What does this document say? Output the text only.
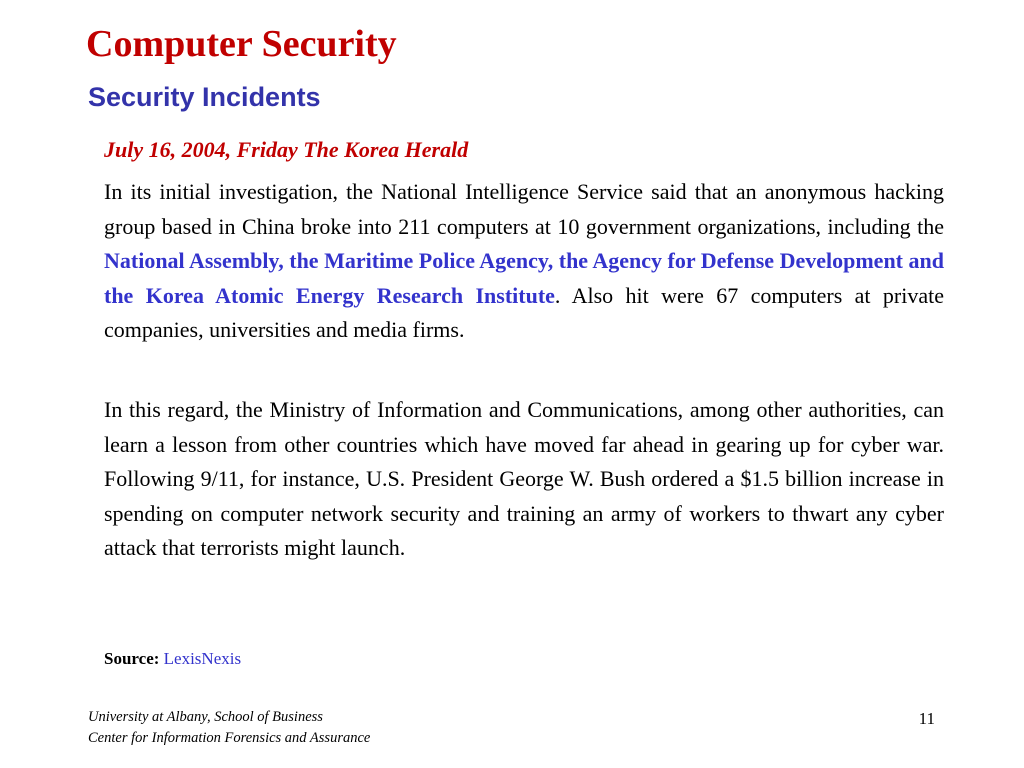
Computer Security
Security Incidents

July 16, 2004, Friday The Korea Herald

In its initial investigation, the National Intelligence Service said that an anonymous hacking group based in China broke into 211 computers at 10 government organizations, including the National Assembly, the Maritime Police Agency, the Agency for Defense Development and the Korea Atomic Energy Research Institute. Also hit were 67 computers at private companies, universities and media firms.

In this regard, the Ministry of Information and Communications, among other authorities, can learn a lesson from other countries which have moved far ahead in gearing up for cyber war. Following 9/11, for instance, U.S. President George W. Bush ordered a $1.5 billion increase in spending on computer network security and training an army of workers to thwart any cyber attack that terrorists might launch.

Source: LexisNexis

University at Albany, School of Business
Center for Information Forensics and Assurance
11
